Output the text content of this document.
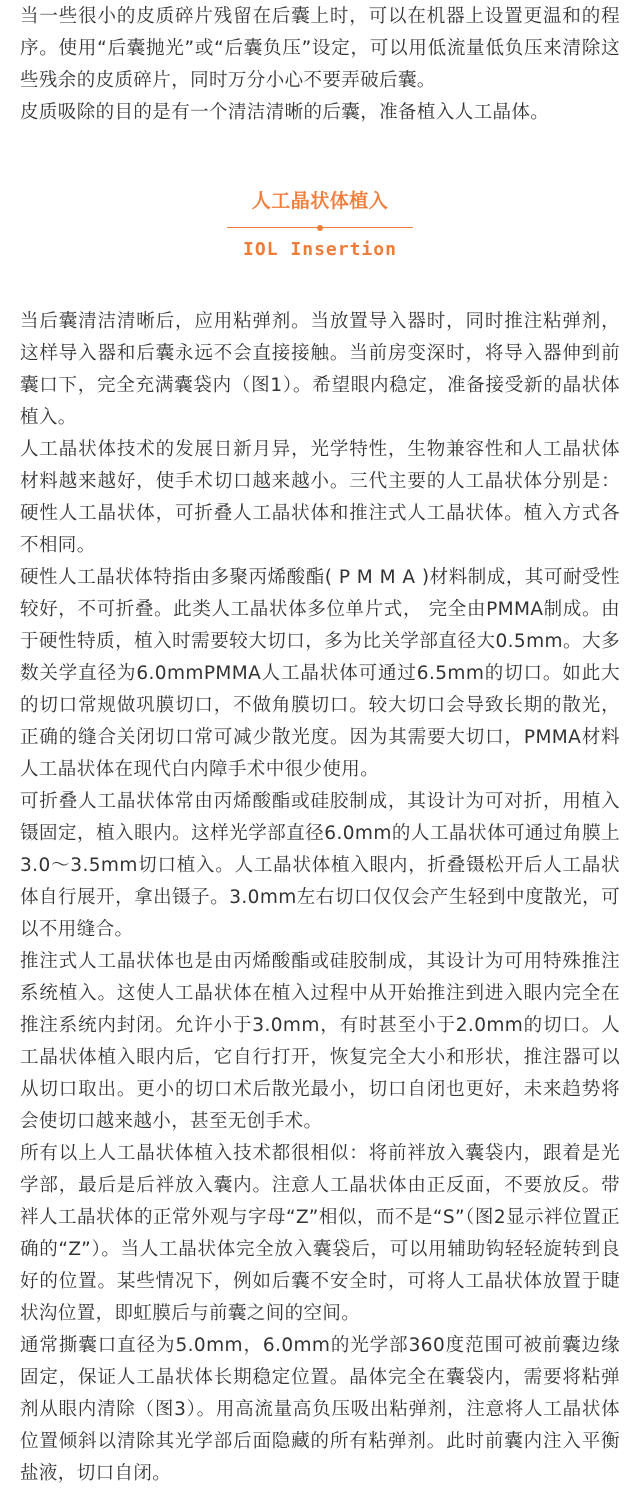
当一些很小的皮质碎片残留在后囊上时，可以在机器上设置更温和的程序。使用“后囊抛光”或“后囊负压”设定，可以用低流量低负压来清除这些残余的皮质碎片，同时万分小心不要弄破后囊。

皮质吸除的目的是有一个清洁清晰的后囊，准备植入人工晶体。

人工晶状体植入

IOL Insertion

当后囊清洁清晰后，应用粘弹剂。当放置导入器时，同时推注粘弹剂，这样导入器和后囊永远不会直接接触。当前房变深时，将导入器伸到前囊口下，完全充满囊袋内（图1）。希望眼内稳定，准备接受新的晶状体植入。

人工晶状体技术的发展日新月异，光学特性，生物兼容性和人工晶状体材料越来越好，使手术切口越来越小。三代主要的人工晶状体分别是：硬性人工晶状体，可折叠人工晶状体和推注式人工晶状体。植入方式各不相同。

硬性人工晶状体特指由多聚丙烯酸酯( P M M A )材料制成，其可耐受性较好，不可折叠。此类人工晶状体多位单片式， 完全由PMMA制成。由于硬性特质，植入时需要较大切口，多为比关学部直径大0.5mm。大多数关学直径为6.0mmPMMA人工晶状体可通过6.5mm的切口。如此大的切口常规做巩膜切口，不做角膜切口。较大切口会导致长期的散光，正确的缝合关闭切口常可减少散光度。因为其需要大切口，PMMA材料人工晶状体在现代白内障手术中很少使用。

可折叠人工晶状体常由丙烯酸酯或硅胶制成，其设计为可对折，用植入镊固定，植入眼内。这样光学部直径6.0mm的人工晶状体可通过角膜上3.0～3.5mm切口植入。人工晶状体植入眼内，折叠镊松开后人工晶状体自行展开，拿出镊子。3.0mm左右切口仅仅会产生轻到中度散光，可以不用缝合。

推注式人工晶状体也是由丙烯酸酯或硅胶制成，其设计为可用特殊推注系统植入。这使人工晶状体在植入过程中从开始推注到进入眼内完全在推注系统内封闭。允许小于3.0mm，有时甚至小于2.0mm的切口。人工晶状体植入眼内后，它自行打开，恢复完全大小和形状，推注器可以从切口取出。更小的切口术后散光最小，切口自闭也更好，未来趋势将会使切口越来越小，甚至无创手术。

所有以上人工晶状体植入技术都很相似：将前袢放入囊袋内，跟着是光学部，最后是后袢放入囊内。注意人工晶状体由正反面，不要放反。带袢人工晶状体的正常外观与字母“Z”相似，而不是“S”（图2显示袢位置正确的“Z”）。当人工晶状体完全放入囊袋后，可以用辅助钩轻轻旋转到良好的位置。某些情况下，例如后囊不安全时，可将人工晶状体放置于睫状沟位置，即虹膜后与前囊之间的空间。

通常撕囊口直径为5.0mm，6.0mm的光学部360度范围可被前囊边缘固定，保证人工晶状体长期稳定位置。晶体完全在囊袋内，需要将粘弹剂从眼内清除（图3）。用高流量高负压吸出粘弹剂，注意将人工晶状体位置倾斜以清除其光学部后面隐藏的所有粘弹剂。此时前囊内注入平衡盐液，切口自闭。
